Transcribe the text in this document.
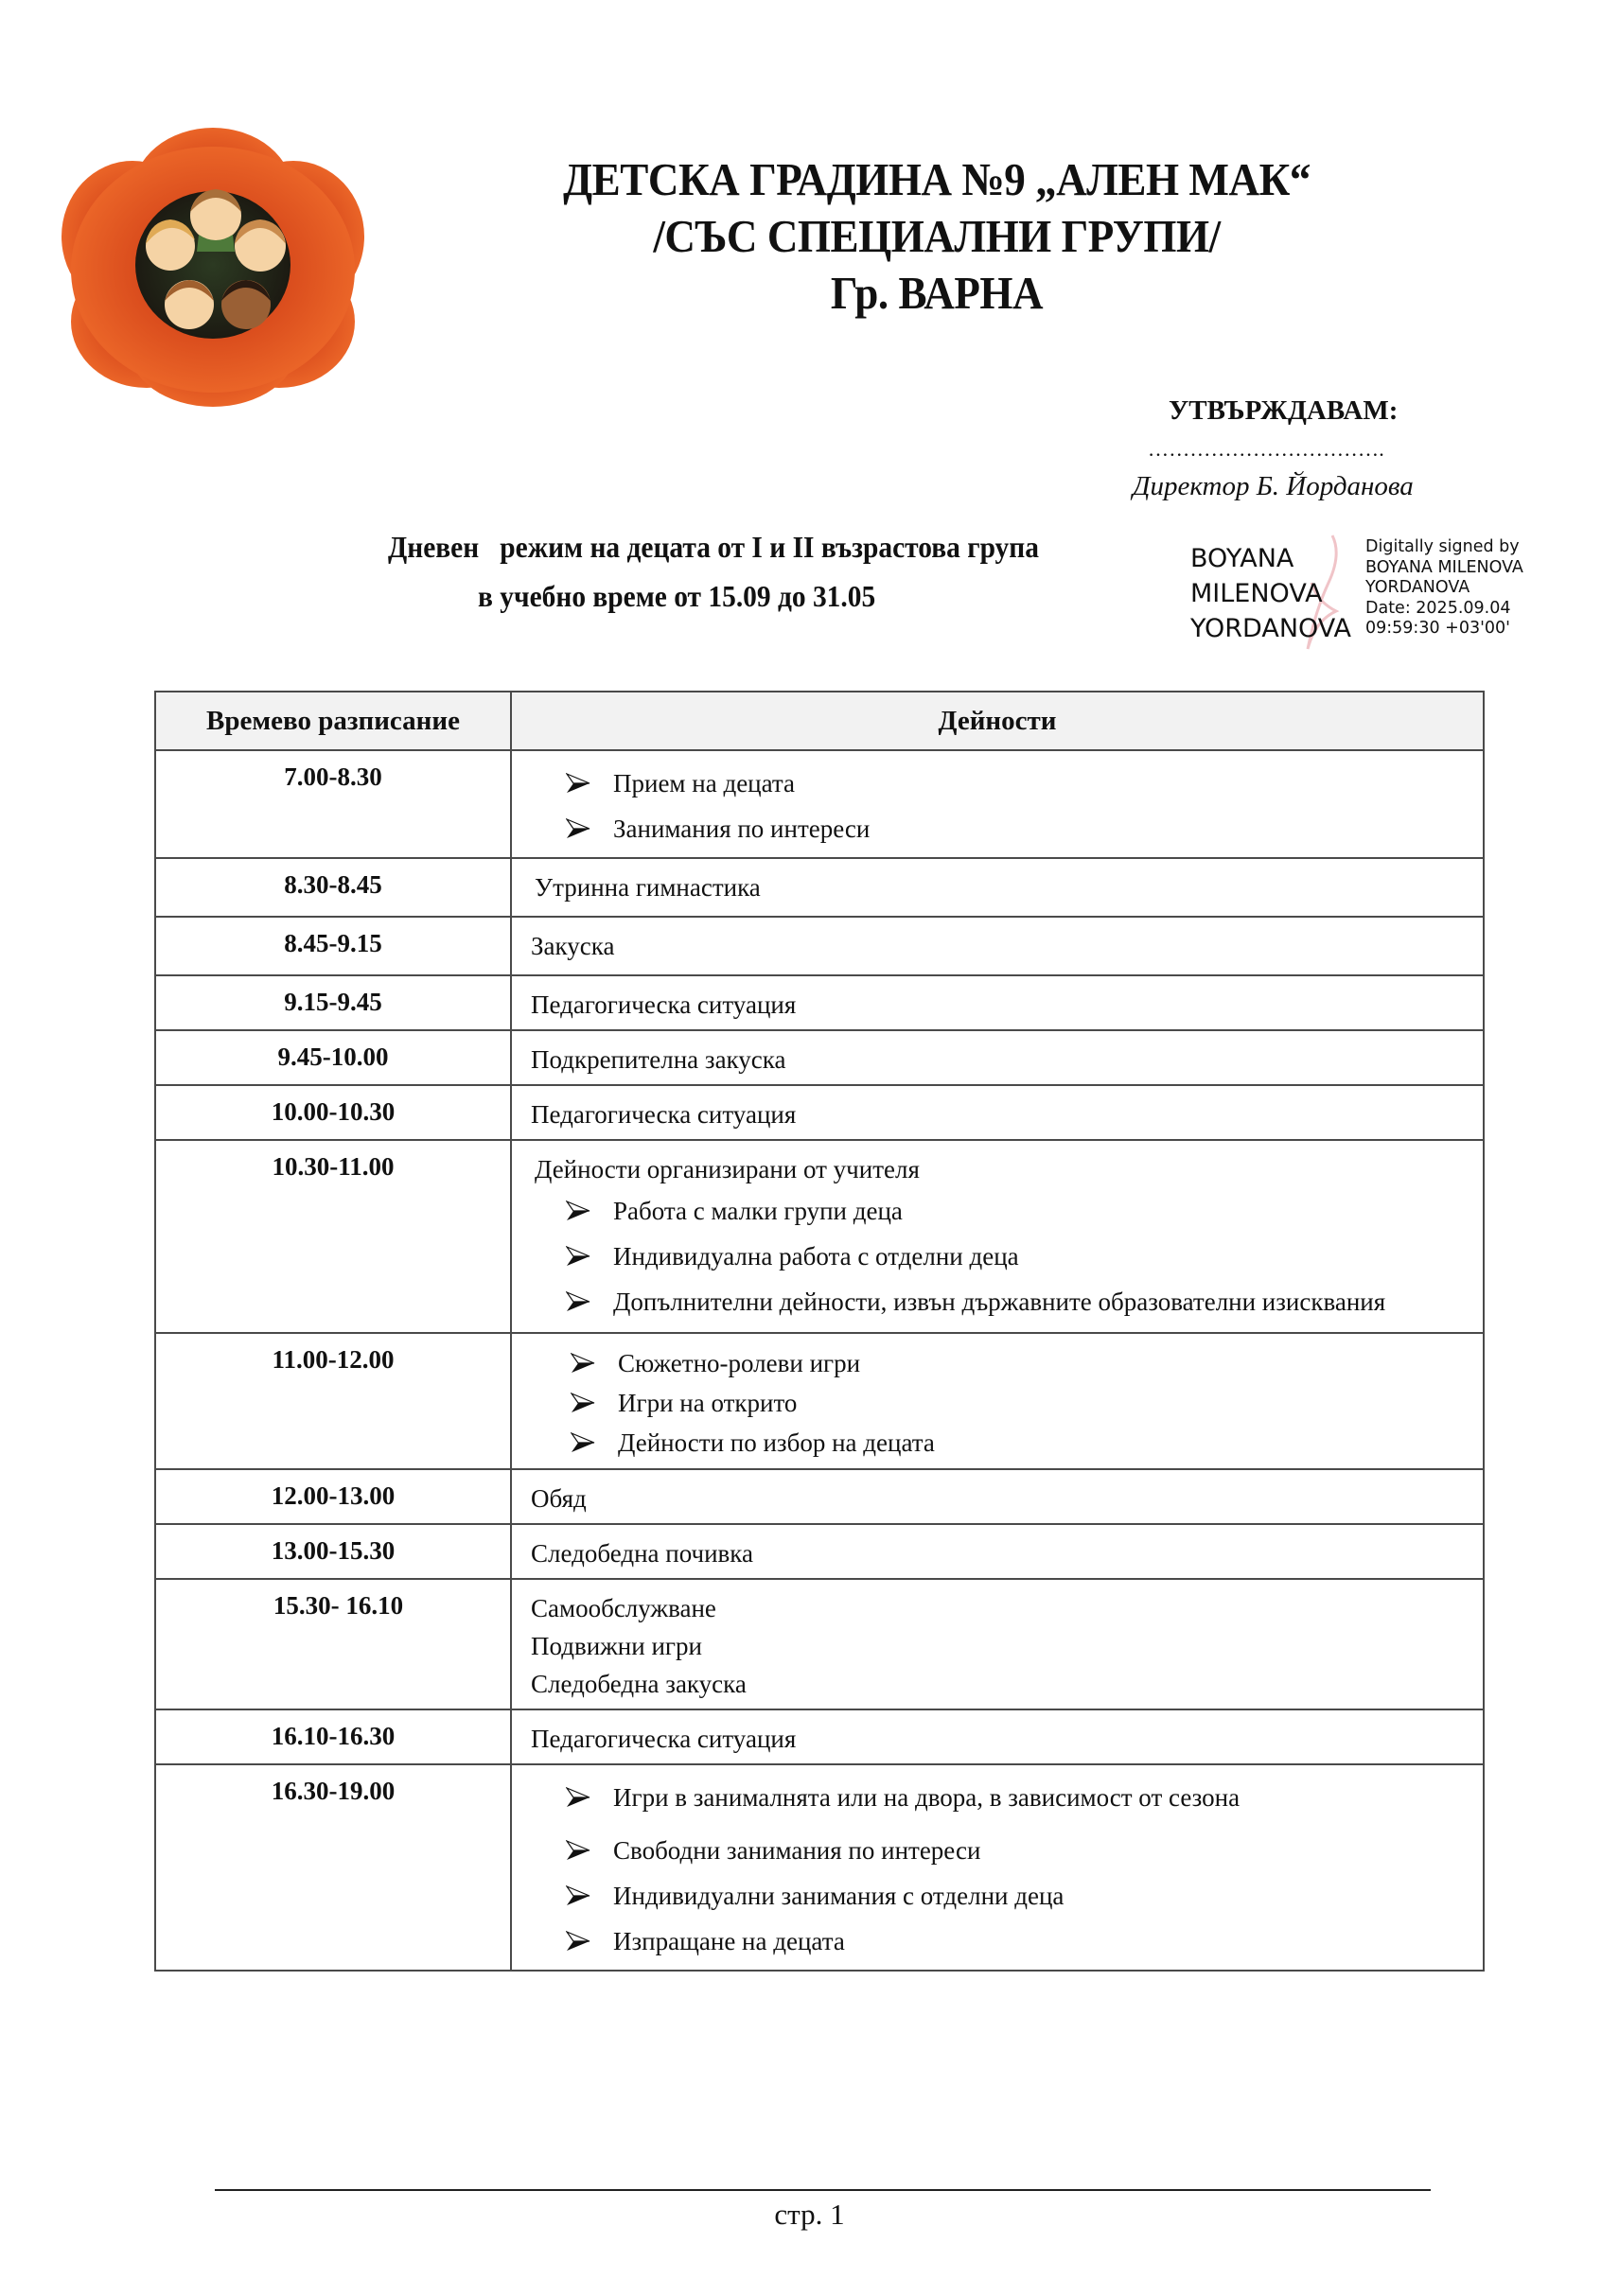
ДЕТСКА ГРАДИНА №9 „АЛЕН МАК“
/СЪС СПЕЦИАЛНИ ГРУПИ/
Гр. ВАРНА
УТВЪРЖДАВАМ:
…………………………….
Директор Б. Йорданова
Дневен   режим на децата от I и II възрастова група
в учебно време от 15.09 до 31.05
BOYANA
MILENOVA
YORDANOVA
Digitally signed by
BOYANA MILENOVA
YORDANOVA
Date: 2025.09.04
09:59:30 +03'00'
Времево разписание	Дейности
7.00-8.30	Прием на децата
Занимания по интереси

8.30-8.45	Утринна гимнастика

8.45-9.15	Закуска

9.15-9.45	Педагогическа ситуация

9.45-10.00	Подкрепителна закуска

10.00-10.30	Педагогическа ситуация

10.30-11.00	Дейности организирани от учителя
Работа с малки групи деца
Индивидуална работа с отделни деца
Допълнителни дейности, извън държавните образователни изисквания

11.00-12.00	Сюжетно-ролеви игри
Игри на открито
Дейности по избор на децата

12.00-13.00	Обяд

13.00-15.30	Следобедна почивка

15.30- 16.10	Самообслужване
Подвижни игри
Следобедна закуска

16.10-16.30	Педагогическа ситуация

16.30-19.00	Игри в занималнята или на двора, в зависимост от сезона
Свободни занимания по интереси
Индивидуални занимания с отделни деца
Изпращане на децата
стр. 1
